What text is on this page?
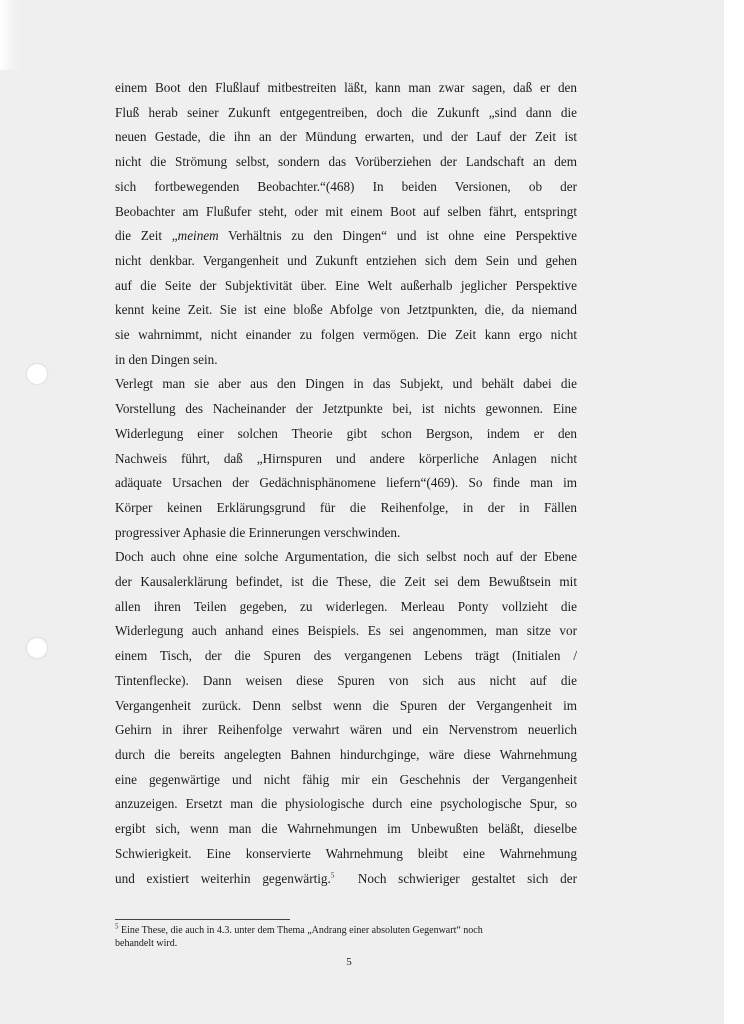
einem Boot den Flußlauf mitbestreiten läßt, kann man zwar sagen, daß er den
Fluß herab seiner Zukunft entgegentreiben, doch die Zukunft „sind dann die
neuen Gestade, die ihn an der Mündung erwarten, und der Lauf der Zeit ist
nicht die Strömung selbst, sondern das Vorüberziehen der Landschaft an dem
sich fortbewegenden Beobachter.“(468) In beiden Versionen, ob der
Beobachter am Flußufer steht, oder mit einem Boot auf selben fährt, entspringt
die Zeit „meinem Verhältnis zu den Dingen“ und ist ohne eine Perspektive
nicht denkbar. Vergangenheit und Zukunft entziehen sich dem Sein und gehen
auf die Seite der Subjektivität über. Eine Welt außerhalb jeglicher Perspektive
kennt keine Zeit. Sie ist eine bloße Abfolge von Jetztpunkten, die, da niemand
sie wahrnimmt, nicht einander zu folgen vermögen. Die Zeit kann ergo nicht
in den Dingen sein.
Verlegt man sie aber aus den Dingen in das Subjekt, und behält dabei die
Vorstellung des Nacheinander der Jetztpunkte bei, ist nichts gewonnen. Eine
Widerlegung einer solchen Theorie gibt schon Bergson, indem er den
Nachweis führt, daß „Hirnspuren und andere körperliche Anlagen nicht
adäquate Ursachen der Gedächnisphänomene liefern“(469). So finde man im
Körper keinen Erklärungsgrund für die Reihenfolge, in der in Fällen
progressiver Aphasie die Erinnerungen verschwinden.
Doch auch ohne eine solche Argumentation, die sich selbst noch auf der Ebene
der Kausalerklärung befindet, ist die These, die Zeit sei dem Bewußtsein mit
allen ihren Teilen gegeben, zu widerlegen. Merleau Ponty vollzieht die
Widerlegung auch anhand eines Beispiels. Es sei angenommen, man sitze vor
einem Tisch, der die Spuren des vergangenen Lebens trägt (Initialen /
Tintenflecke). Dann weisen diese Spuren von sich aus nicht auf die
Vergangenheit zurück. Denn selbst wenn die Spuren der Vergangenheit im
Gehirn in ihrer Reihenfolge verwahrt wären und ein Nervenstrom neuerlich
durch die bereits angelegten Bahnen hindurchginge, wäre diese Wahrnehmung
eine gegenwärtige und nicht fähig mir ein Geschehnis der Vergangenheit
anzuzeigen. Ersetzt man die physiologische durch eine psychologische Spur, so
ergibt sich, wenn man die Wahrnehmungen im Unbewußten beläßt, dieselbe
Schwierigkeit. Eine konservierte Wahrnehmung bleibt eine Wahrnehmung
und existiert weiterhin gegenwärtig.$^5$ Noch schwieriger gestaltet sich der
$^5$ Eine These, die auch in 4.3. unter dem Thema „Andrang einer absoluten Gegenwart“ noch
behandelt wird.
5
